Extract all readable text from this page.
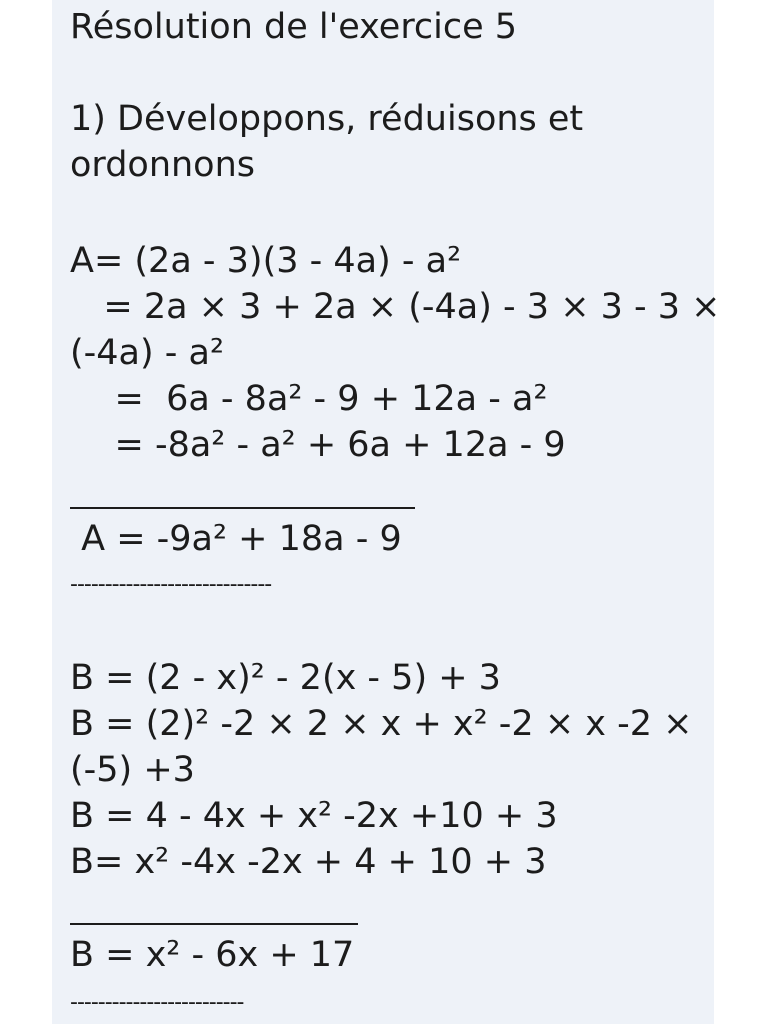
Résolution de l'exercice 5

1) Développons, réduisons et

ordonnons

A= (2a - 3)(3 - 4a) - a²

= 2a × 3 + 2a × (-4a) - 3 × 3 - 3 ×

(-4a) - a²

=  6a - 8a² - 9 + 12a - a²

= -8a² - a² + 6a + 12a - 9

A = -9a² + 18a - 9

-----------------------------

B = (2 - x)² - 2(x - 5) + 3

B = (2)² -2 × 2 × x + x² -2 × x -2 ×

(-5) +3

B = 4 - 4x + x² -2x +10 + 3

B= x² -4x -2x + 4 + 10 + 3

B = x² - 6x + 17

-------------------------
